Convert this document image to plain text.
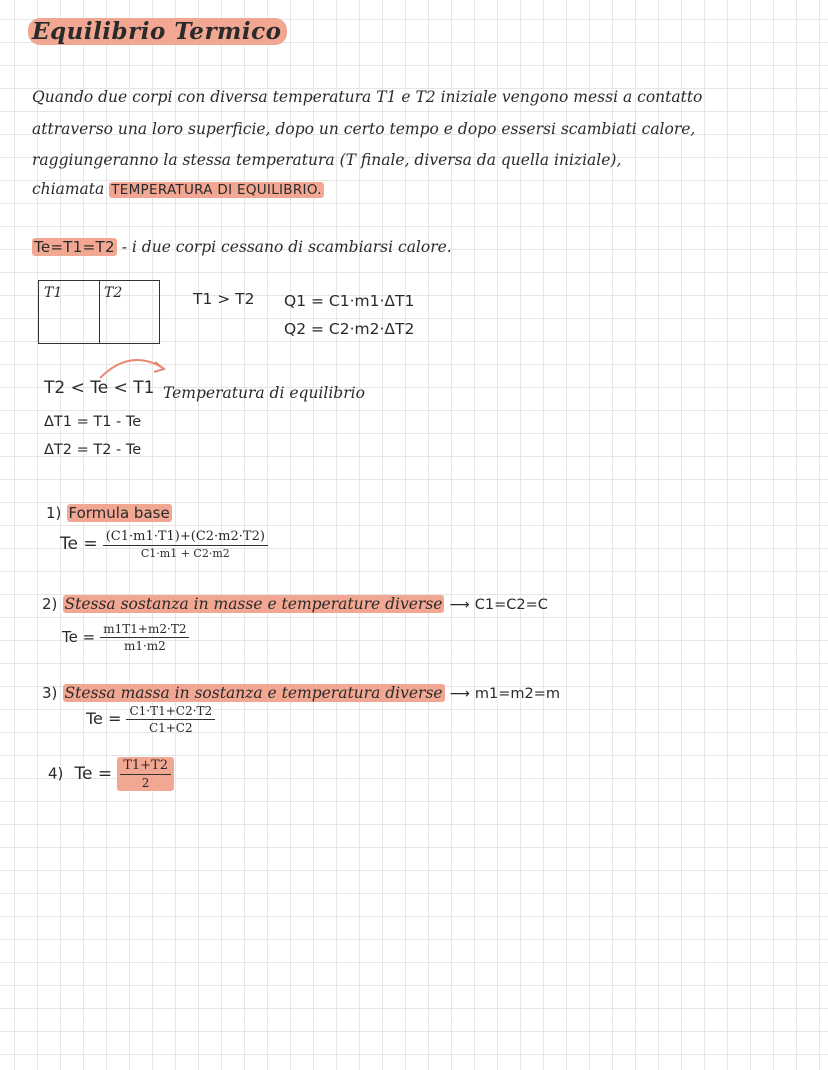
Equilibrio Termico
Quando due corpi con diversa temperatura T1 e T2 iniziale vengono messi a contatto
attraverso una loro superficie, dopo un certo tempo e dopo essersi scambiati calore,
raggiungeranno la stessa temperatura (T finale, diversa da quella iniziale),
chiamata TEMPERATURA DI EQUILIBRIO.
Te=T1=T2 - i due corpi cessano di scambiarsi calore.
T1	T2	T1 > T2 Q1 = C1·m1·ΔT1
Q2 = C2·m2·ΔT2
T2 < Te < T1 Temperatura di equilibrio
ΔT1 = T1 - Te
ΔT2 = T2 - Te
1) Formula base
$Te = \frac{(C1\cdot m1\cdot T1)+(C2\cdot m2\cdot T2)}{C1\cdot m1 + C2\cdot m2}$
2) Stessa sostanza in masse e temperature diverse ⟶ C1=C2=C
$Te = \frac{m1T1+m2\cdot T2}{m1\cdot m2}$
3) Stessa massa in sostanza e temperatura diverse ⟶ m1=m2=m
$Te = \frac{C1\cdot T1+C2\cdot T2}{C1+C2}$
4) $Te = \frac{T1+T2}{2}$
